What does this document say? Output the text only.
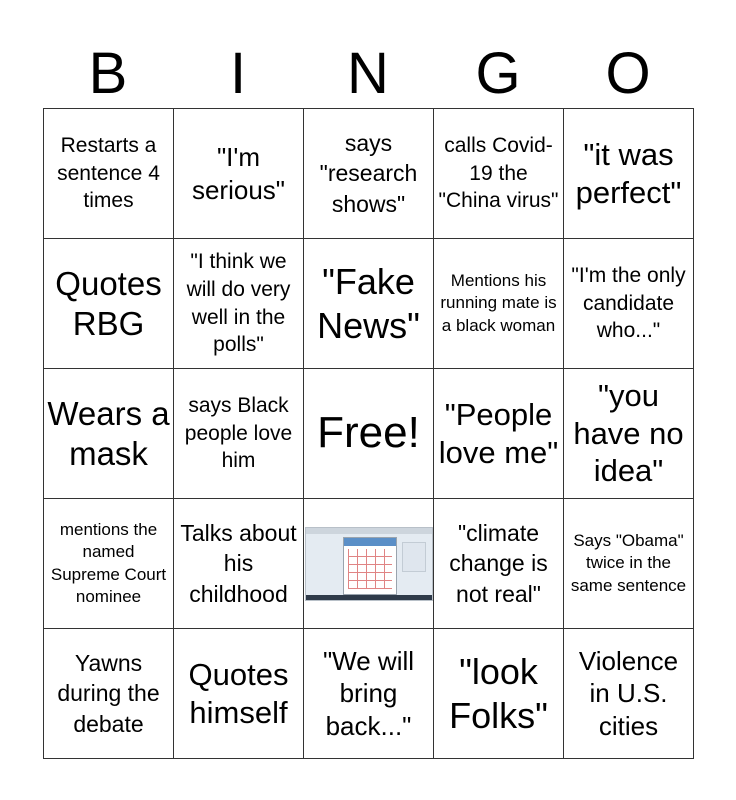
B	I	N	G	O
Restarts a sentence 4 times	"I'm serious"	says "research shows"	calls Covid-19 the "China virus"	"it was perfect"
Quotes RBG	"I think we will do very well in the polls"	"Fake News"	Mentions his running mate is a black woman	"I'm the only candidate who..."
Wears a mask	says Black people love him	Free!	"People love me"	"you have no idea"
mentions the named Supreme Court nominee	Talks about his childhood		"climate change is not real"	Says "Obama" twice in the same sentence
Yawns during the debate	Quotes himself	"We will bring back..."	"look Folks"	Violence in U.S. cities
